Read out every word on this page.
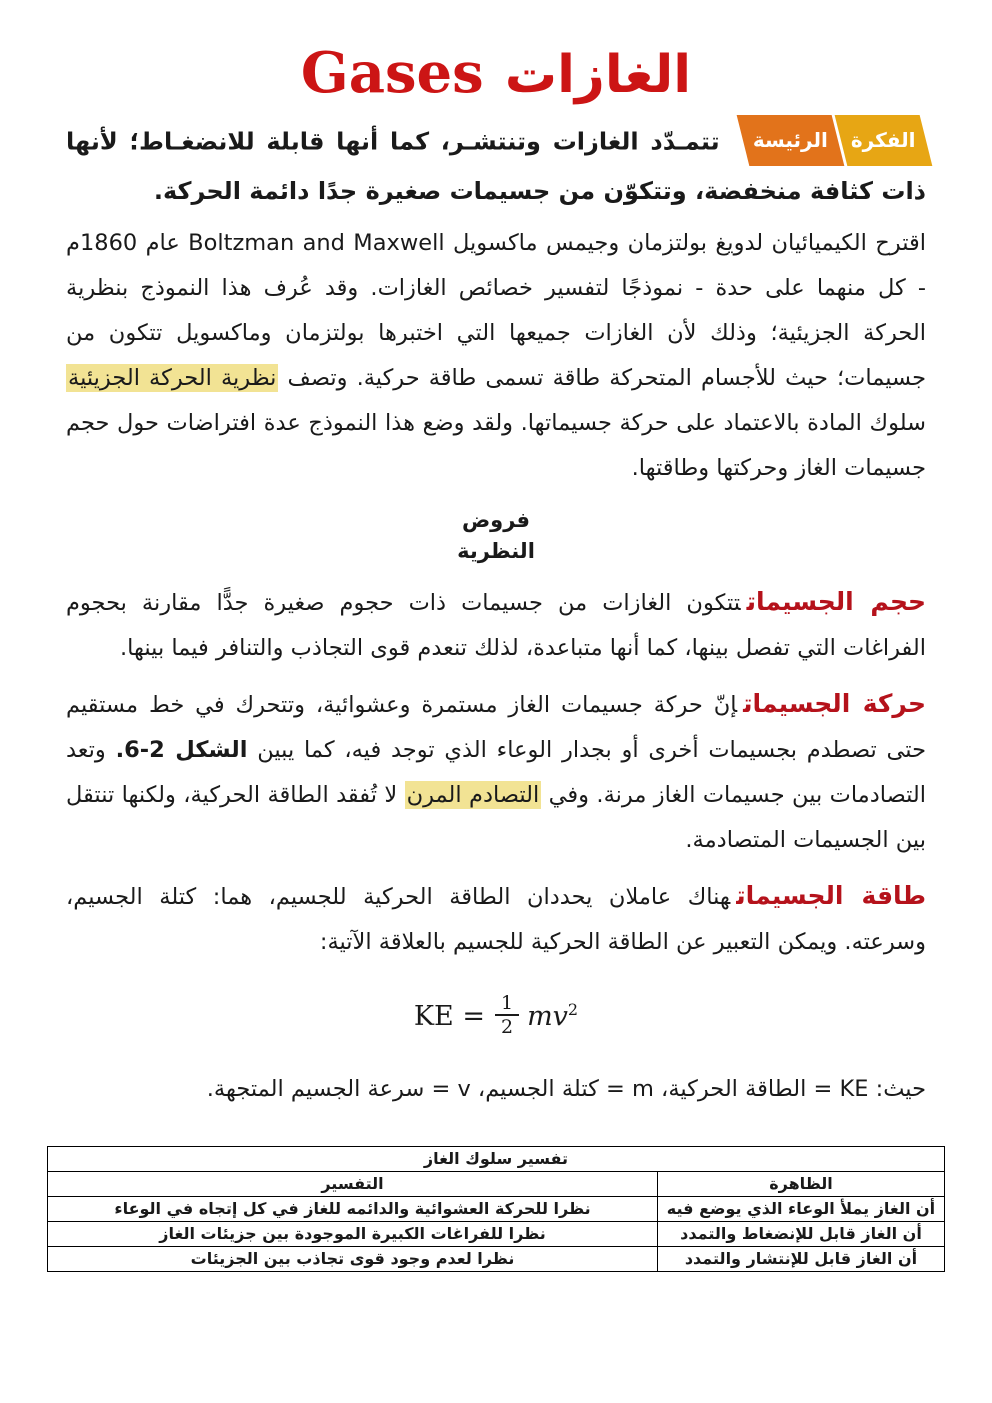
الغازات Gases

الفكرة
الرئيسة
تتمـدّد الغازات وتنتشـر، كما أنها قابلة للانضغـاط؛ لأنها ذات كثافة منخفضة، وتتكوّن من جسيمات صغيرة جدًا دائمة الحركة.

اقترح الكيميائيان لدويغ بولتزمان وجيمس ماكسويل Boltzman and Maxwell عام 1860م - كل منهما على حدة - نموذجًا لتفسير خصائص الغازات. وقد عُرف هذا النموذج بنظرية الحركة الجزيئية؛ وذلك لأن الغازات جميعها التي اختبرها بولتزمان وماكسويل تتكون من جسيمات؛ حيث للأجسام المتحركة طاقة تسمى طاقة حركية. وتصف نظرية الحركة الجزيئية سلوك المادة بالاعتماد على حركة جسيماتها. ولقد وضع هذا النموذج عدة افتراضات حول حجم جسيمات الغاز وحركتها وطاقتها.

فروض
النظرية

حجم الجسيماتتتكون الغازات من جسيمات ذات حجوم صغيرة جدًّا مقارنة بحجوم الفراغات التي تفصل بينها، كما أنها متباعدة، لذلك تنعدم قوى التجاذب والتنافر فيما بينها.

حركة الجسيماتإنّ حركة جسيمات الغاز مستمرة وعشوائية، وتتحرك في خط مستقيم حتى تصطدم بجسيمات أخرى أو بجدار الوعاء الذي توجد فيه، كما يبين الشكل 2-6. وتعد التصادمات بين جسيمات الغاز مرنة. وفي التصادم المرن لا تُفقد الطاقة الحركية، ولكنها تنتقل بين الجسيمات المتصادمة.

طاقة الجسيماتهناك عاملان يحددان الطاقة الحركية للجسيم، هما: كتلة الجسيم، وسرعته. ويمكن التعبير عن الطاقة الحركية للجسيم بالعلاقة الآتية:

KE = $\frac{1}{2} mv^2$

حيث: KE = الطاقة الحركية، m = كتلة الجسيم، v = سرعة الجسيم المتجهة.

تفسير سلوك الغاز	
الظاهرة	التفسير
أن الغاز يملأ الوعاء الذي يوضع فيه	نظرا للحركة العشوائية والدائمه للغاز في كل إتجاه في الوعاء
أن الغاز قابل للإنضغاط والتمدد	نظرا للفراغات الكبيرة الموجودة بين جزيئات الغاز
أن الغاز قابل للإنتشار والتمدد	نظرا لعدم وجود قوى تجاذب بين الجزيئات
